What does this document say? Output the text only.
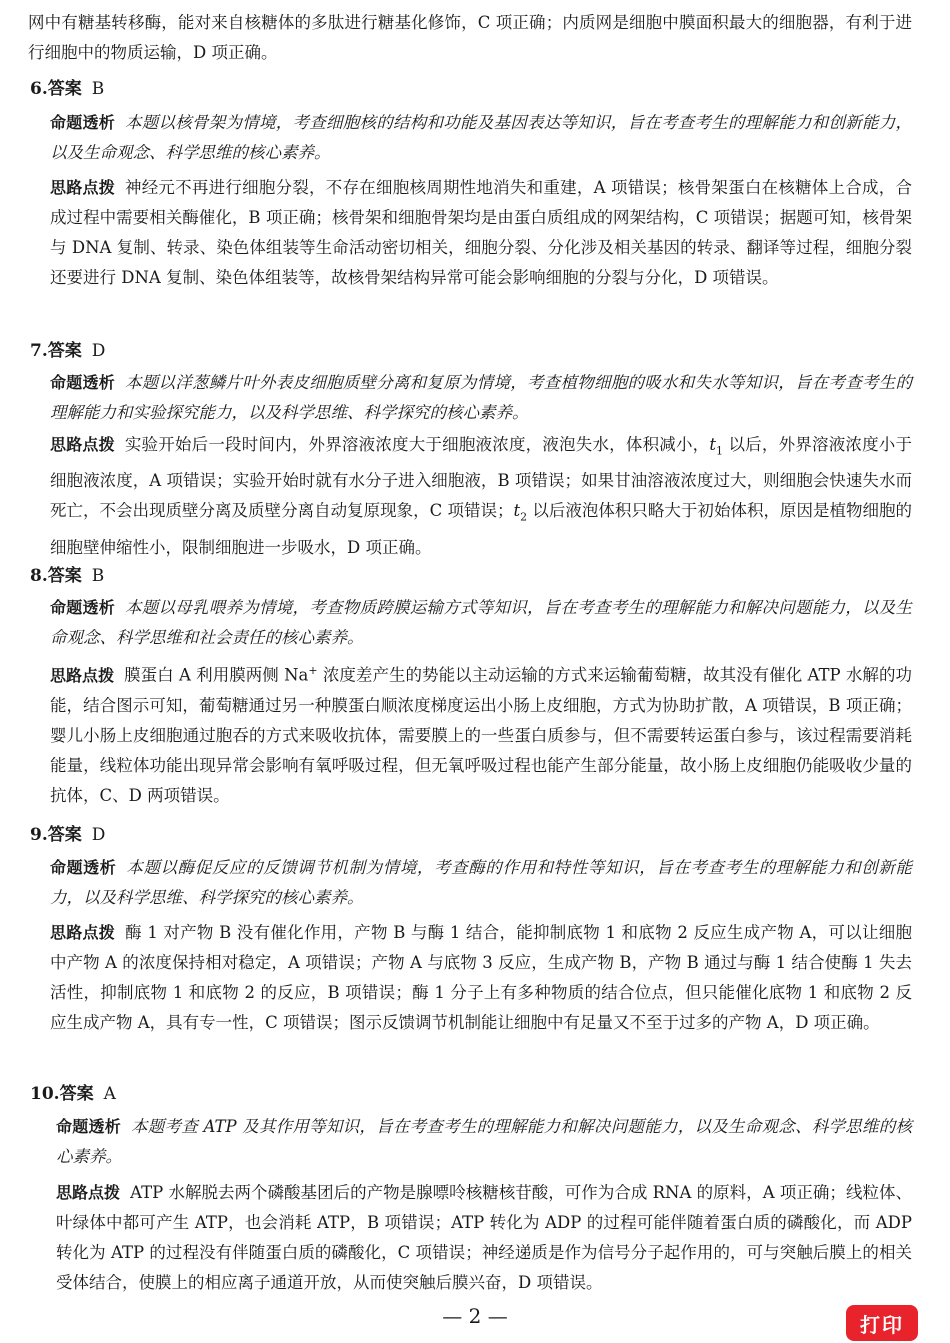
网中有糖基转移酶，能对来自核糖体的多肽进行糖基化修饰，C 项正确；内质网是细胞中膜面积最大的细胞器，有利于进行细胞中的物质运输，D 项正确。
6.答案 B
命题透析 本题以核骨架为情境，考查细胞核的结构和功能及基因表达等知识，旨在考查考生的理解能力和创新能力，以及生命观念、科学思维的核心素养。
思路点拨 神经元不再进行细胞分裂，不存在细胞核周期性地消失和重建，A 项错误；核骨架蛋白在核糖体上合成，合成过程中需要相关酶催化，B 项正确；核骨架和细胞骨架均是由蛋白质组成的网架结构，C 项错误；据题可知，核骨架与 DNA 复制、转录、染色体组装等生命活动密切相关，细胞分裂、分化涉及相关基因的转录、翻译等过程，细胞分裂还要进行 DNA 复制、染色体组装等，故核骨架结构异常可能会影响细胞的分裂与分化，D 项错误。
7.答案 D
命题透析 本题以洋葱鳞片叶外表皮细胞质壁分离和复原为情境，考查植物细胞的吸水和失水等知识，旨在考查考生的理解能力和实验探究能力，以及科学思维、科学探究的核心素养。
思路点拨 实验开始后一段时间内，外界溶液浓度大于细胞液浓度，液泡失水，体积减小，$t_1$ 以后，外界溶液浓度小于细胞液浓度，A 项错误；实验开始时就有水分子进入细胞液，B 项错误；如果甘油溶液浓度过大，则细胞会快速失水而死亡，不会出现质壁分离及质壁分离自动复原现象，C 项错误；$t_2$ 以后液泡体积只略大于初始体积，原因是植物细胞的细胞壁伸缩性小，限制细胞进一步吸水，D 项正确。
8.答案 B
命题透析 本题以母乳喂养为情境，考查物质跨膜运输方式等知识，旨在考查考生的理解能力和解决问题能力，以及生命观念、科学思维和社会责任的核心素养。
思路点拨 膜蛋白 A 利用膜两侧 Na+ 浓度差产生的势能以主动运输的方式来运输葡萄糖，故其没有催化 ATP 水解的功能，结合图示可知，葡萄糖通过另一种膜蛋白顺浓度梯度运出小肠上皮细胞，方式为协助扩散，A 项错误，B 项正确；婴儿小肠上皮细胞通过胞吞的方式来吸收抗体，需要膜上的一些蛋白质参与，但不需要转运蛋白参与，该过程需要消耗能量，线粒体功能出现异常会影响有氧呼吸过程，但无氧呼吸过程也能产生部分能量，故小肠上皮细胞仍能吸收少量的抗体，C、D 两项错误。
9.答案 D
命题透析 本题以酶促反应的反馈调节机制为情境，考查酶的作用和特性等知识，旨在考查考生的理解能力和创新能力，以及科学思维、科学探究的核心素养。
思路点拨 酶 1 对产物 B 没有催化作用，产物 B 与酶 1 结合，能抑制底物 1 和底物 2 反应生成产物 A，可以让细胞中产物 A 的浓度保持相对稳定，A 项错误；产物 A 与底物 3 反应，生成产物 B，产物 B 通过与酶 1 结合使酶 1 失去活性，抑制底物 1 和底物 2 的反应，B 项错误；酶 1 分子上有多种物质的结合位点，但只能催化底物 1 和底物 2 反应生成产物 A，具有专一性，C 项错误；图示反馈调节机制能让细胞中有足量又不至于过多的产物 A，D 项正确。
10.答案 A
命题透析 本题考查 ATP 及其作用等知识，旨在考查考生的理解能力和解决问题能力，以及生命观念、科学思维的核心素养。
思路点拨 ATP 水解脱去两个磷酸基团后的产物是腺嘌呤核糖核苷酸，可作为合成 RNA 的原料，A 项正确；线粒体、叶绿体中都可产生 ATP，也会消耗 ATP，B 项错误；ATP 转化为 ADP 的过程可能伴随着蛋白质的磷酸化，而 ADP 转化为 ATP 的过程没有伴随蛋白质的磷酸化，C 项错误；神经递质是作为信号分子起作用的，可与突触后膜上的相关受体结合，使膜上的相应离子通道开放，从而使突触后膜兴奋，D 项错误。
— 2 —	打印
